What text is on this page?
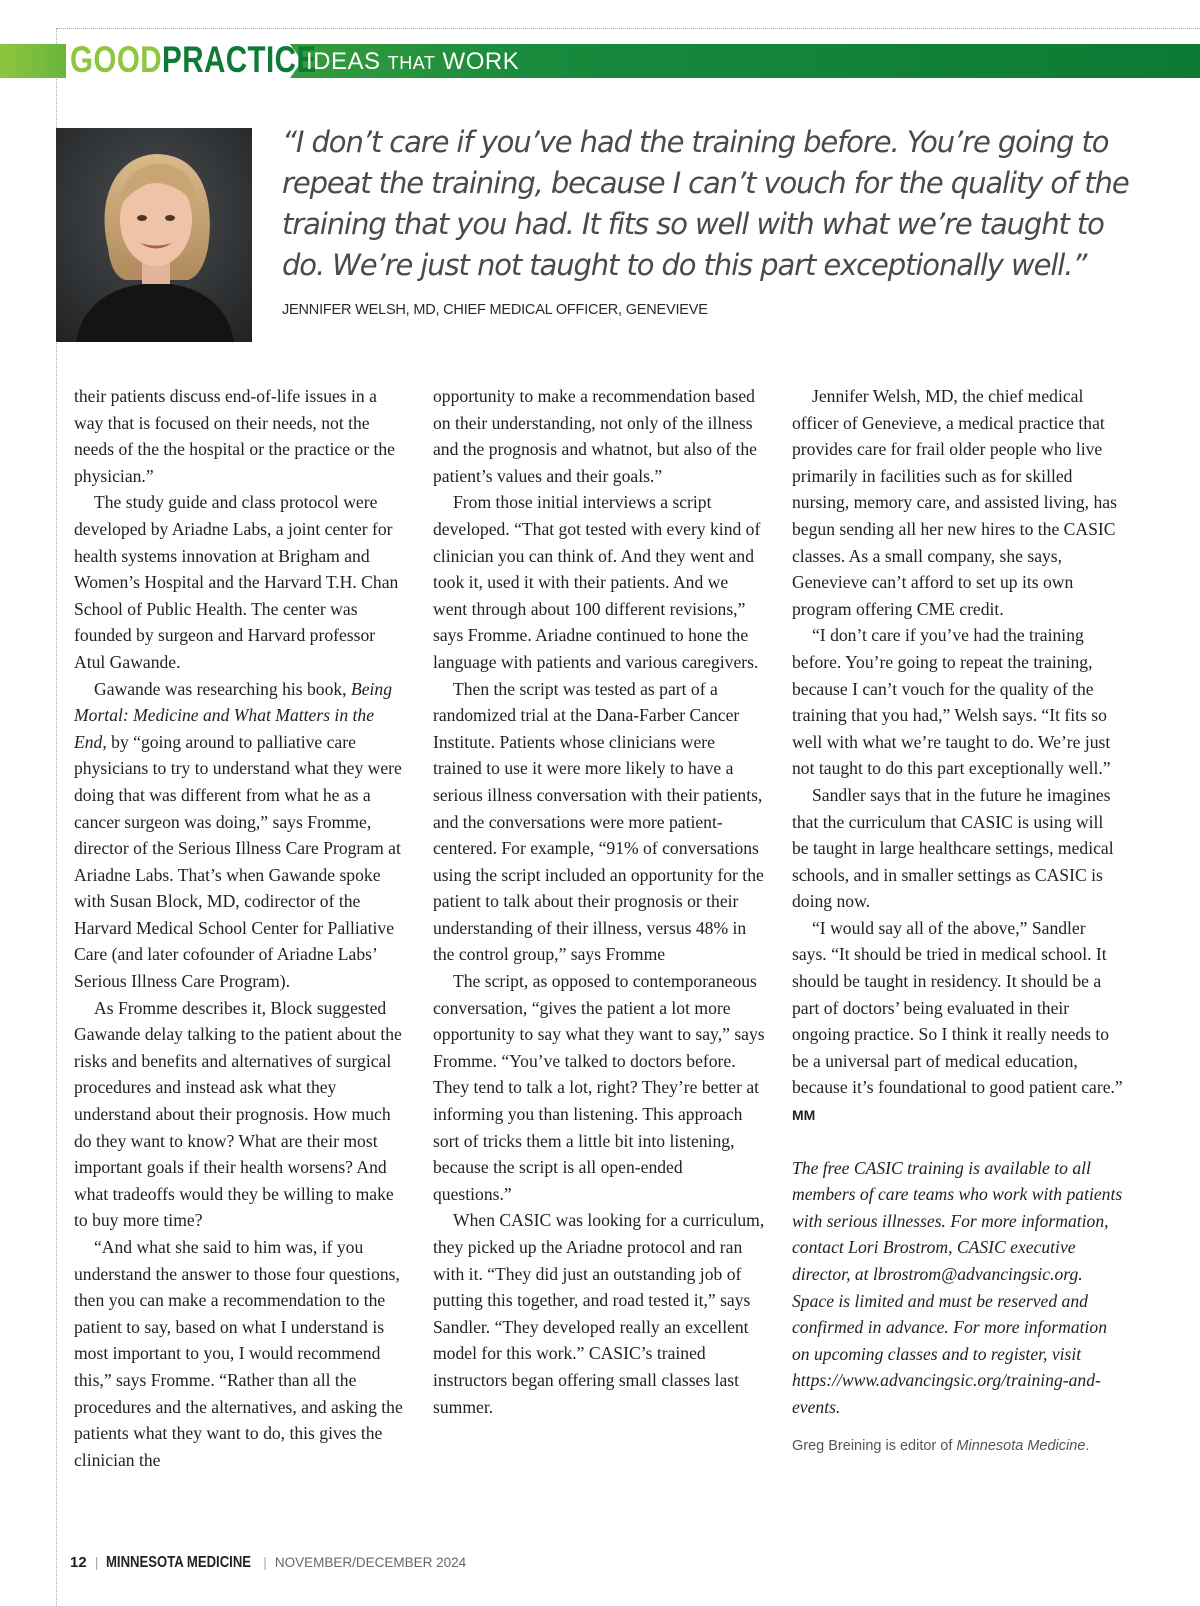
GOODPRACTICE
IDEAS THAT WORK
“I don’t care if you’ve had the training before. You’re going to repeat the training, because I can’t vouch for the quality of the training that you had. It fits so well with what we’re taught to do. We’re just not taught to do this part exceptionally well.”
JENNIFER WELSH, MD, CHIEF MEDICAL OFFICER, GENEVIEVE

their patients discuss end-of-life issues in a way that is focused on their needs, not the needs of the the hospital or the practice or the physician.”

The study guide and class protocol were developed by Ariadne Labs, a joint center for health systems innovation at Brigham and Women’s Hospital and the Harvard T.H. Chan School of Public Health. The center was founded by surgeon and Harvard professor Atul Gawande.

Gawande was researching his book, Being Mortal: Medicine and What Matters in the End, by “going around to palliative care physicians to try to understand what they were doing that was different from what he as a cancer surgeon was doing,” says Fromme, director of the Serious Illness Care Program at Ariadne Labs. That’s when Gawande spoke with Susan Block, MD, codirector of the Harvard Medical School Center for Palliative Care (and later cofounder of Ariadne Labs’ Serious Illness Care Program).

As Fromme describes it, Block suggested Gawande delay talking to the patient about the risks and benefits and alternatives of surgical procedures and instead ask what they understand about their prognosis. How much do they want to know? What are their most important goals if their health worsens? And what tradeoffs would they be willing to make to buy more time?

“And what she said to him was, if you understand the answer to those four questions, then you can make a recommendation to the patient to say, based on what I understand is most important to you, I would recommend this,” says Fromme. “Rather than all the procedures and the alternatives, and asking the patients what they want to do, this gives the clinician the

opportunity to make a recommendation based on their understanding, not only of the illness and the prognosis and whatnot, but also of the patient’s values and their goals.”

From those initial interviews a script developed. “That got tested with every kind of clinician you can think of. And they went and took it, used it with their patients. And we went through about 100 different revisions,” says Fromme. Ariadne continued to hone the language with patients and various caregivers.

Then the script was tested as part of a randomized trial at the Dana-Farber Cancer Institute. Patients whose clinicians were trained to use it were more likely to have a serious illness conversation with their patients, and the conversations were more patient-centered. For example, “91% of conversations using the script included an opportunity for the patient to talk about their prognosis or their understanding of their illness, versus 48% in the control group,” says Fromme

The script, as opposed to contemporaneous conversation, “gives the patient a lot more opportunity to say what they want to say,” says Fromme. “You’ve talked to doctors before. They tend to talk a lot, right? They’re better at informing you than listening. This approach sort of tricks them a little bit into listening, because the script is all open-ended questions.”

When CASIC was looking for a curriculum, they picked up the Ariadne protocol and ran with it. “They did just an outstanding job of putting this together, and road tested it,” says Sandler. “They developed really an excellent model for this work.” CASIC’s trained instructors began offering small classes last summer.

Jennifer Welsh, MD, the chief medical officer of Genevieve, a medical practice that provides care for frail older people who live primarily in facilities such as for skilled nursing, memory care, and assisted living, has begun sending all her new hires to the CASIC classes. As a small company, she says, Genevieve can’t afford to set up its own program offering CME credit.

“I don’t care if you’ve had the training before. You’re going to repeat the training, because I can’t vouch for the quality of the training that you had,” Welsh says. “It fits so well with what we’re taught to do. We’re just not taught to do this part exceptionally well.”

Sandler says that in the future he imagines that the curriculum that CASIC is using will be taught in large healthcare settings, medical schools, and in smaller settings as CASIC is doing now.

“I would say all of the above,” Sandler says. “It should be tried in medical school. It should be taught in residency. It should be a part of doctors’ being evaluated in their ongoing practice. So I think it really needs to be a universal part of medical education, because it’s foundational to good patient care.” MM

The free CASIC training is available to all members of care teams who work with patients with serious illnesses. For more information, contact Lori Brostrom, CASIC executive director, at lbrostrom@advancingsic.org. Space is limited and must be reserved and confirmed in advance. For more information on upcoming classes and to register, visit https://www.advancingsic.org/training-and-events.

Greg Breining is editor of Minnesota Medicine.

12 | MINNESOTA MEDICINE | NOVEMBER/DECEMBER 2024
